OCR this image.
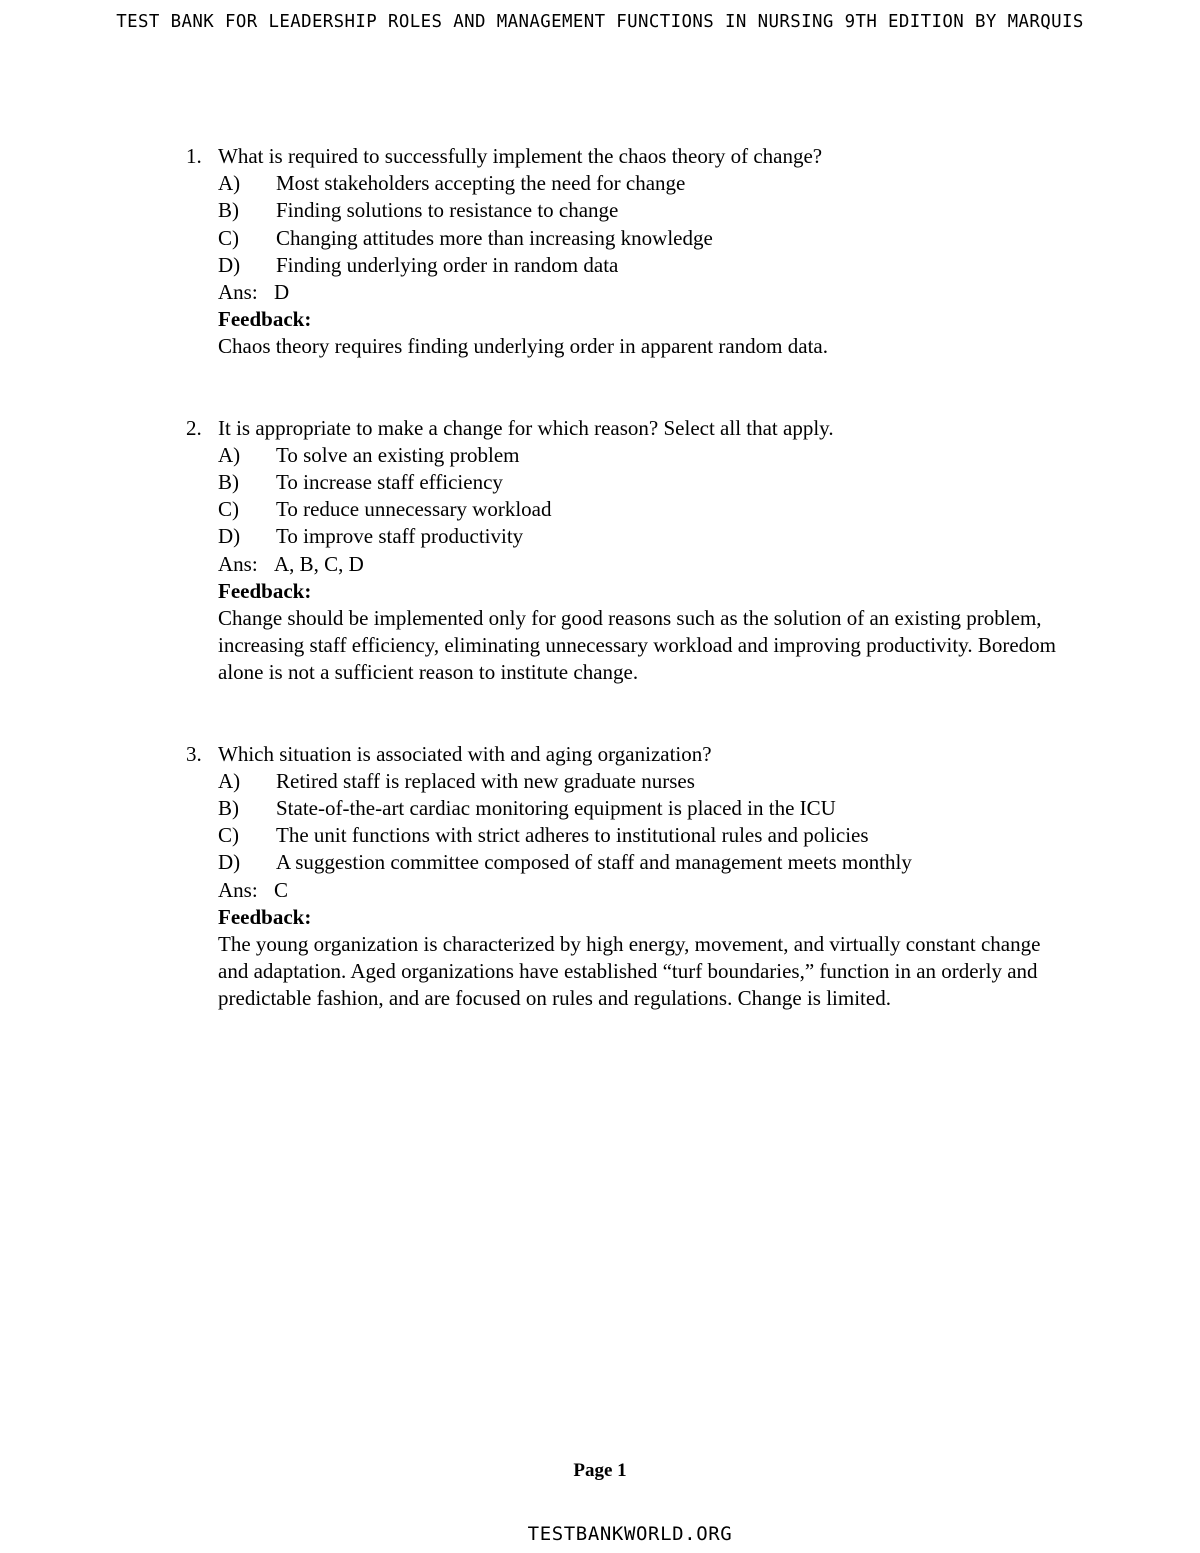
TEST BANK FOR LEADERSHIP ROLES AND MANAGEMENT FUNCTIONS IN NURSING 9TH EDITION BY MARQUIS
1. What is required to successfully implement the chaos theory of change?
A)	Most stakeholders accepting the need for change
B)	Finding solutions to resistance to change
C)	Changing attitudes more than increasing knowledge
D)	Finding underlying order in random data
Ans: D
Feedback:
Chaos theory requires finding underlying order in apparent random data.
2. It is appropriate to make a change for which reason? Select all that apply.
A)	To solve an existing problem
B)	To increase staff efficiency
C)	To reduce unnecessary workload
D)	To improve staff productivity
Ans: A, B, C, D
Feedback:
Change should be implemented only for good reasons such as the solution of an existing problem, increasing staff efficiency, eliminating unnecessary workload and improving productivity. Boredom alone is not a sufficient reason to institute change.
3. Which situation is associated with and aging organization?
A)	Retired staff is replaced with new graduate nurses
B)	State-of-the-art cardiac monitoring equipment is placed in the ICU
C)	The unit functions with strict adheres to institutional rules and policies
D)	A suggestion committee composed of staff and management meets monthly
Ans: C
Feedback:
The young organization is characterized by high energy, movement, and virtually constant change and adaptation. Aged organizations have established “turf boundaries,” function in an orderly and predictable fashion, and are focused on rules and regulations. Change is limited.
Page 1
TESTBANKWORLD.ORG
